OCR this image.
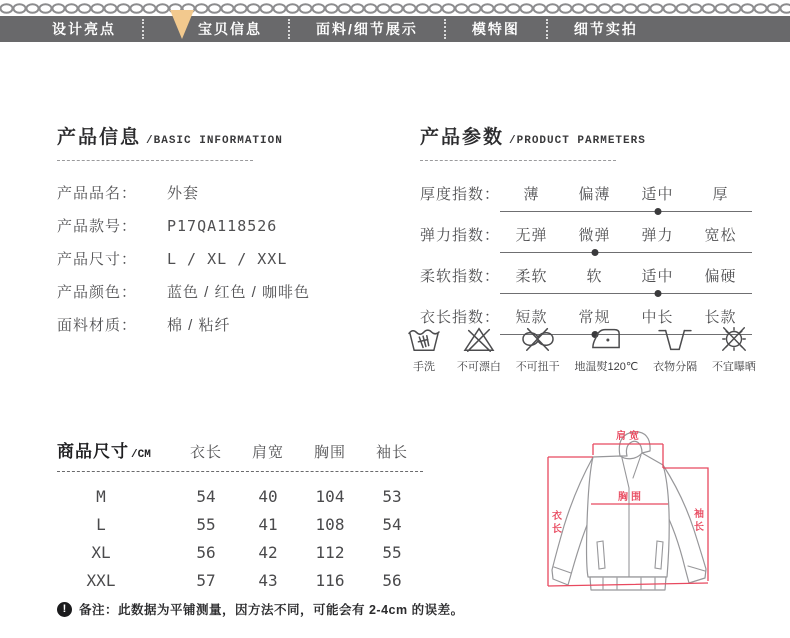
设计亮点	宝贝信息	面料/细节展示	模特图	细节实拍
产品信息 /BASIC INFORMATION
产品品名：	外套
产品款号：	P17QA118526
产品尺寸：	L / XL / XXL
产品颜色：	蓝色 / 红色 / 咖啡色
面料材质：	棉 / 粘纤
产品参数 /PRODUCT PARMETERS
厚度指数：	薄	偏薄	适中	厚
弹力指数：	无弹	微弹	弹力	宽松
柔软指数：	柔软	软	适中	偏硬
衣长指数：	短款	常规	中长	长款
手洗 不可漂白 不可扭干 地温熨120℃ 衣物分隔 不宜曝晒
商品尺寸 /CM	衣长	肩宽	胸围	袖长
M	54	40	104	53
L	55	41	108	54
XL	56	42	112	55
XXL	57	43	116	56
!	备注：此数据为平铺测量，因方法不同，可能会有 2-4cm 的误差。
肩宽
胸围
衣
长
袖
长
